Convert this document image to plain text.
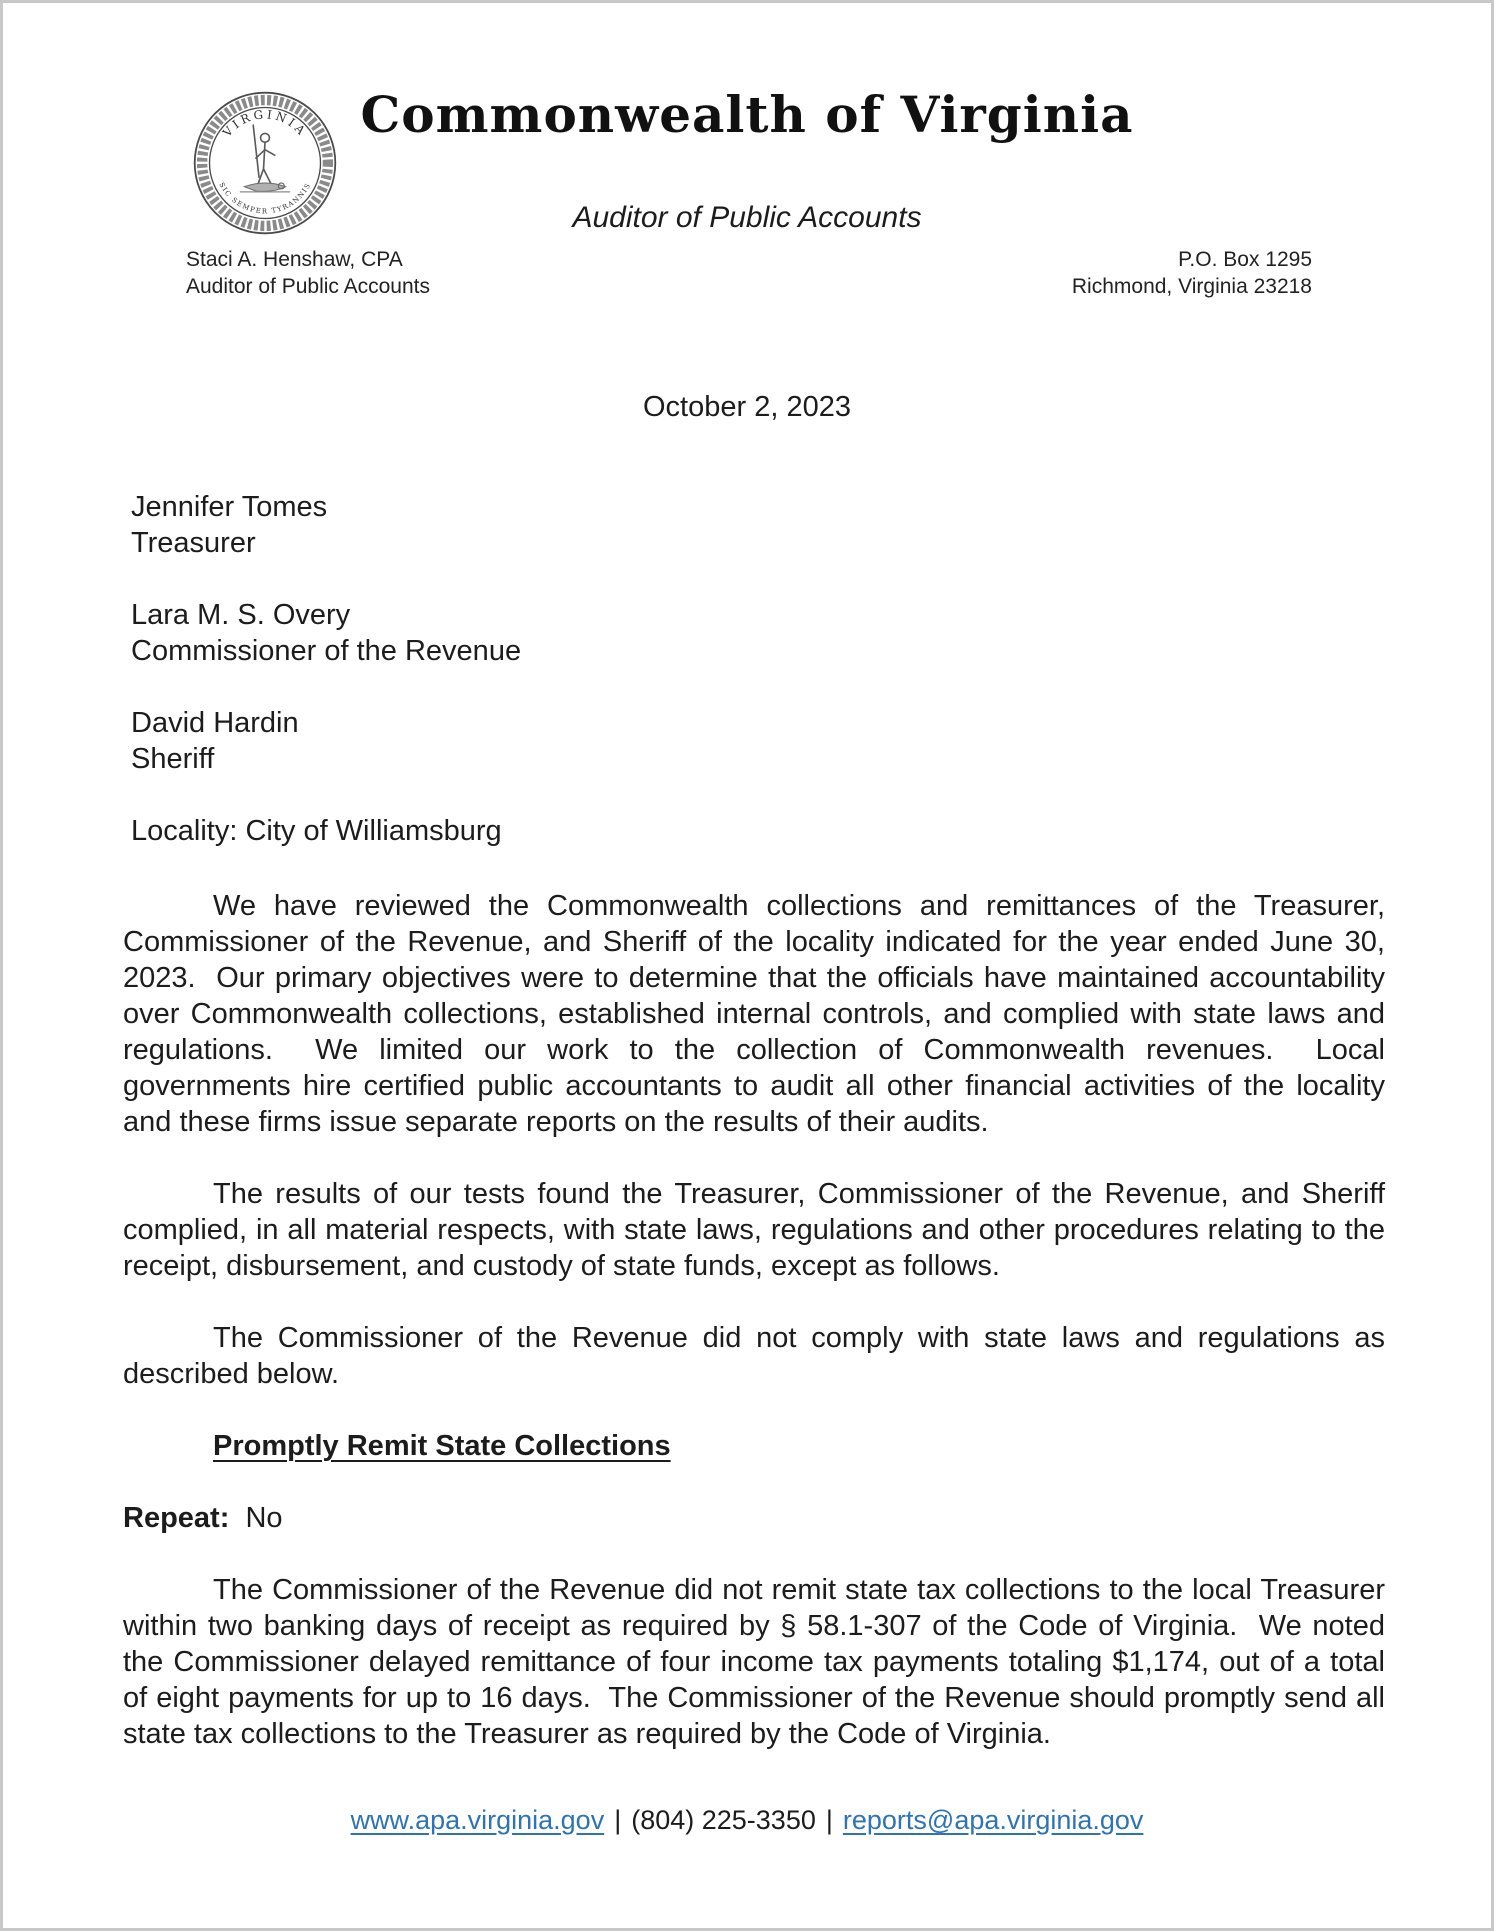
VIRGINIA
SIC SEMPER TYRANNIS
Commonwealth of Virginia
Auditor of Public Accounts
Staci A. Henshaw, CPA
Auditor of Public Accounts
P.O. Box 1295
Richmond, Virginia 23218
October 2, 2023
Jennifer Tomes
Treasurer
Lara M. S. Overy
Commissioner of the Revenue
David Hardin
Sheriff
Locality: City of Williamsburg

We have reviewed the Commonwealth collections and remittances of the Treasurer, Commissioner of the Revenue, and Sheriff of the locality indicated for the year ended June 30, 2023.  Our primary objectives were to determine that the officials have maintained accountability over Commonwealth collections, established internal controls, and complied with state laws and regulations.  We limited our work to the collection of Commonwealth revenues.  Local governments hire certified public accountants to audit all other financial activities of the locality and these firms issue separate reports on the results of their audits.

The results of our tests found the Treasurer, Commissioner of the Revenue, and Sheriff complied, in all material respects, with state laws, regulations and other procedures relating to the receipt, disbursement, and custody of state funds, except as follows.

The Commissioner of the Revenue did not comply with state laws and regulations as described below.

Promptly Remit State Collections

Repeat: No

The Commissioner of the Revenue did not remit state tax collections to the local Treasurer within two banking days of receipt as required by § 58.1-307 of the Code of Virginia.  We noted the Commissioner delayed remittance of four income tax payments totaling $1,174, out of a total of eight payments for up to 16 days.  The Commissioner of the Revenue should promptly send all state tax collections to the Treasurer as required by the Code of Virginia.

www.apa.virginia.gov | (804) 225-3350 | reports@apa.virginia.gov
